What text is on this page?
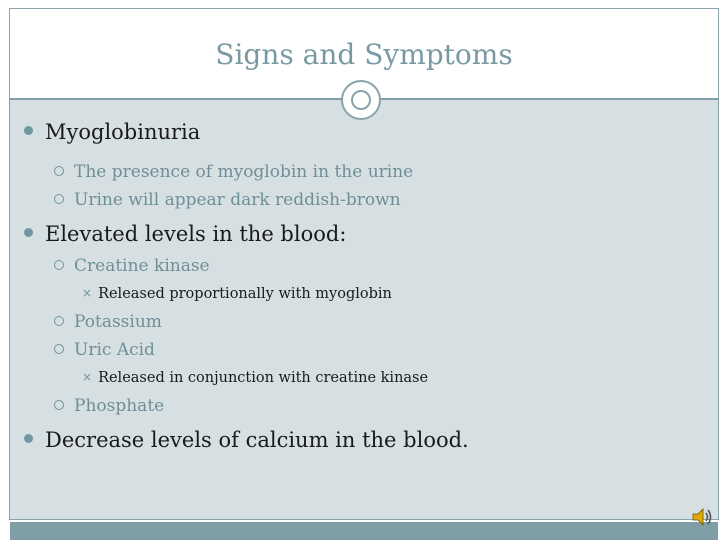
Signs and Symptoms
Myoglobinuria
The presence of myoglobin in the urine
Urine will appear dark reddish-brown
Elevated levels in the blood:
Creatine kinase
× Released proportionally with myoglobin
Potassium
Uric Acid
× Released in conjunction with creatine kinase
Phosphate
Decrease levels of calcium in the blood.
